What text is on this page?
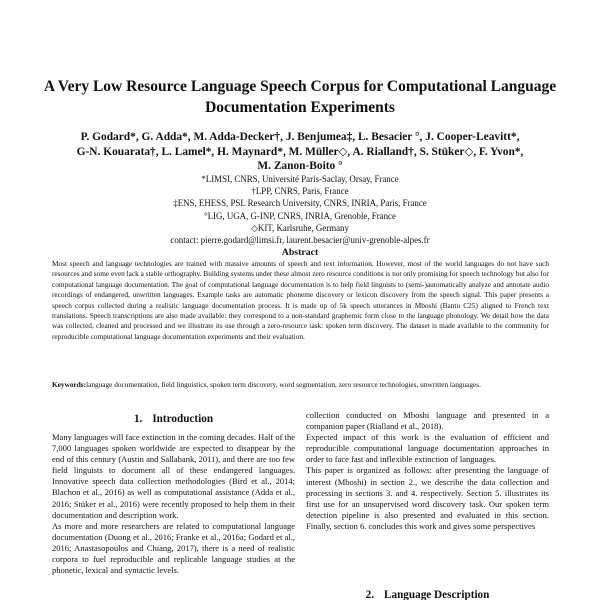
A Very Low Resource Language Speech Corpus for Computational Language Documentation Experiments
P. Godard*, G. Adda*, M. Adda-Decker†, J. Benjumea‡, L. Besacier °, J. Cooper-Leavitt*,
G-N. Kouarata†, L. Lamel*, H. Maynard*, M. Müller◇, A. Rialland†, S. Stüker◇, F. Yvon*,
M. Zanon-Boito °
*LIMSI, CNRS, Université Paris-Saclay, Orsay, France
†LPP, CNRS, Paris, France
‡ENS, EHESS, PSL Research University, CNRS, INRIA, Paris, France
°LIG, UGA, G-INP, CNRS, INRIA, Grenoble, France
◇KIT, Karlsruhe, Germany
contact: pierre.godard@limsi.fr, laurent.besacier@univ-grenoble-alpes.fr
Abstract

Most speech and language technologies are trained with massive amounts of speech and text information. However, most of the world languages do not have such resources and some even lack a stable orthography. Building systems under these almost zero resource conditions is not only promising for speech technology but also for computational language documentation. The goal of computational language documentation is to help field linguists to (semi-)automatically analyze and annotate audio recordings of endangered, unwritten languages. Example tasks are automatic phoneme discovery or lexicon discovery from the speech signal. This paper presents a speech corpus collected during a realistic language documentation process. It is made up of 5k speech utterances in Mboshi (Bantu C25) aligned to French text translations. Speech transcriptions are also made available: they correspond to a non-standard graphemic form close to the language phonology. We detail how the data was collected, cleaned and processed and we illustrate its use through a zero-resource task: spoken term discovery. The dataset is made available to the community for reproducible computational language documentation experiments and their evaluation.

Keywords:language documentation, field linguistics, spoken term discovery, word segmentation, zero resource technologies, unwritten languages.

1. Introduction

Many languages will face extinction in the coming decades. Half of the 7,000 languages spoken worldwide are expected to disappear by the end of this century (Austin and Sallabank, 2011), and there are too few field linguists to document all of these endangered languages. Innovative speech data collection methodologies (Bird et al., 2014; Blachon et al., 2016) as well as computational assistance (Adda et al., 2016; Stüker et al., 2016) were recently proposed to help them in their documentation and description work.

As more and more researchers are related to computational language documentation (Duong et al., 2016; Franke et al., 2016a; Godard et al., 2016; Anastasopoulos and Chiang, 2017), there is a need of realistic corpora to fuel reproducible and replicable language studies at the phonetic, lexical and syntactic levels.

collection conducted on Mboshi language and presented in a companion paper (Rialland et al., 2018).

Expected impact of this work is the evaluation of efficient and reproducible computational language documentation approaches in order to face fast and inflexible extinction of languages.

This paper is organized as follows: after presenting the language of interest (Mboshi) in section 2., we describe the data collection and processing in sections 3. and 4. respectively. Section 5. illustrates its first use for an unsupervised word discovery task. Our spoken term detection pipeline is also presented and evaluated in this section. Finally, section 6. concludes this work and gives some perspectives

2. Language Description
